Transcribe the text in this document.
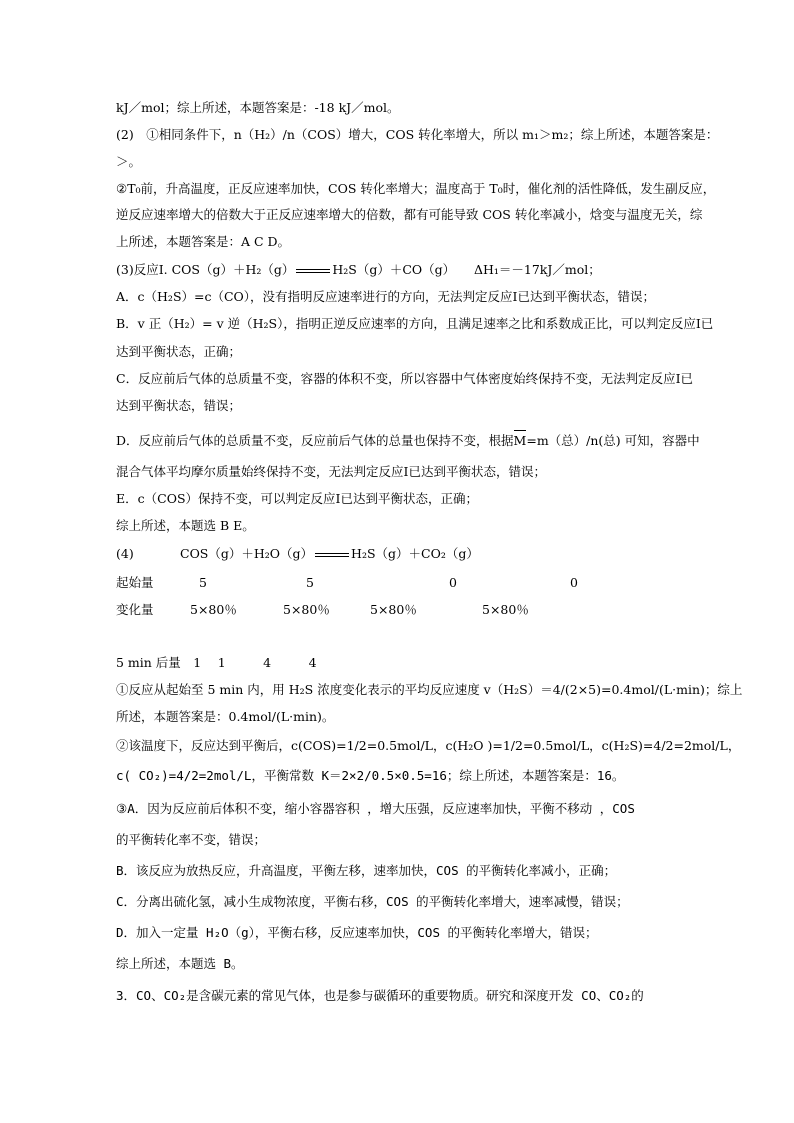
kJ／mol；综上所述，本题答案是：-18 kJ／mol。
(2)　①相同条件下，n（H₂）/n（COS）增大，COS 转化率增大，所以 m₁＞m₂；综上所述，本题答案是：
＞。
②T₀前，升高温度，正反应速率加快，COS 转化率增大；温度高于 T₀时，催化剂的活性降低，发生副反应，
逆反应速率增大的倍数大于正反应速率增大的倍数，都有可能导致 COS 转化率减小，焓变与温度无关，综
上所述，本题答案是：A C D。
(3)反应Ⅰ. COS（g）＋H₂（g）	H₂S（g）＋CO（g）　　 ΔH₁＝－17kJ／mol；
A．c（H₂S）=c（CO），没有指明反应速率进行的方向，无法判定反应Ⅰ已达到平衡状态，错误；
B．v 正（H₂）= v 逆（H₂S），指明正逆反应速率的方向，且满足速率之比和系数成正比，可以判定反应Ⅰ已
达到平衡状态，正确；
C．反应前后气体的总质量不变，容器的体积不变，所以容器中气体密度始终保持不变，无法判定反应Ⅰ已
达到平衡状态，错误；
D．反应前后气体的总质量不变，反应前后气体的总量也保持不变，根据M=m（总）/n(总) 可知，容器中
混合气体平均摩尔质量始终保持不变，无法判定反应Ⅰ已达到平衡状态，错误；
E．c（COS）保持不变，可以判定反应Ⅰ已达到平衡状态，正确；
综上所述，本题选 B E。
(4)	COS（g）＋H₂O（g）	H₂S（g）＋CO₂（g）
起始量	5	5	0	0
变化量	5×80％	5×80％	5×80％	5×80％
5 min 后量　1　 1　　　4　　　4
①反应从起始至 5 min 内，用 H₂S 浓度变化表示的平均反应速度 v（H₂S）＝4/(2×5)=0.4mol/(L·min)；综上
所述，本题答案是：0.4mol/(L·min)。
②该温度下，反应达到平衡后，c(COS)=1/2=0.5mol/L，c(H₂O )=1/2=0.5mol/L，c(H₂S)=4/2=2mol/L，
c( CO₂)=4/2=2mol/L，平衡常数 K＝2×2/0.5×0.5=16；综上所述，本题答案是：16。
③A．因为反应前后体积不变，缩小容器容积 ，增大压强，反应速率加快，平衡不移动 ，COS
的平衡转化率不变，错误；
B．该反应为放热反应，升高温度，平衡左移，速率加快，COS 的平衡转化率减小，正确；
C．分离出硫化氢，减小生成物浓度，平衡右移，COS 的平衡转化率增大，速率减慢，错误；
D．加入一定量 H₂O（g），平衡右移，反应速率加快，COS 的平衡转化率增大，错误；
综上所述，本题选 B。
3．CO、CO₂是含碳元素的常见气体，也是参与碳循环的重要物质。研究和深度开发 CO、CO₂的
